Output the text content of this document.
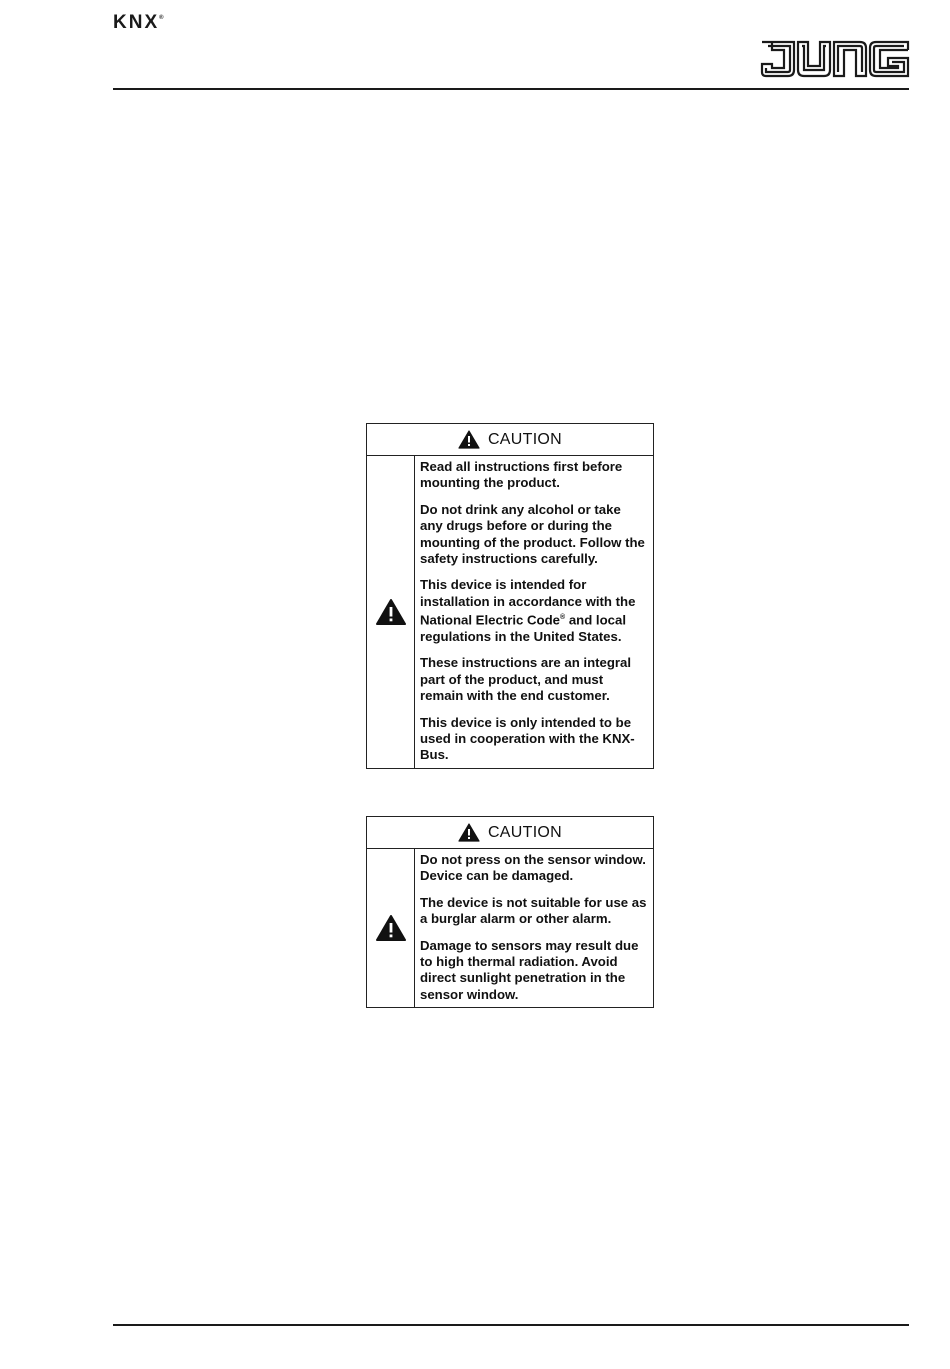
KNX®
CAUTION

Read all instructions first before mounting the product.

Do not drink any alcohol or take any drugs before or during the mounting of the product. Follow the safety instructions carefully.

This device is intended for installation in accordance with the National Electric Code® and local regulations in the United States.

These instructions are an integral part of the product, and must remain with the end customer.

This device is only intended to be used in cooperation with the KNX-Bus.

CAUTION

Do not press on the sensor window. Device can be damaged.

The device is not suitable for use as a burglar alarm or other alarm.

Damage to sensors may result due to high thermal radiation. Avoid direct sunlight penetration in the sensor window.
